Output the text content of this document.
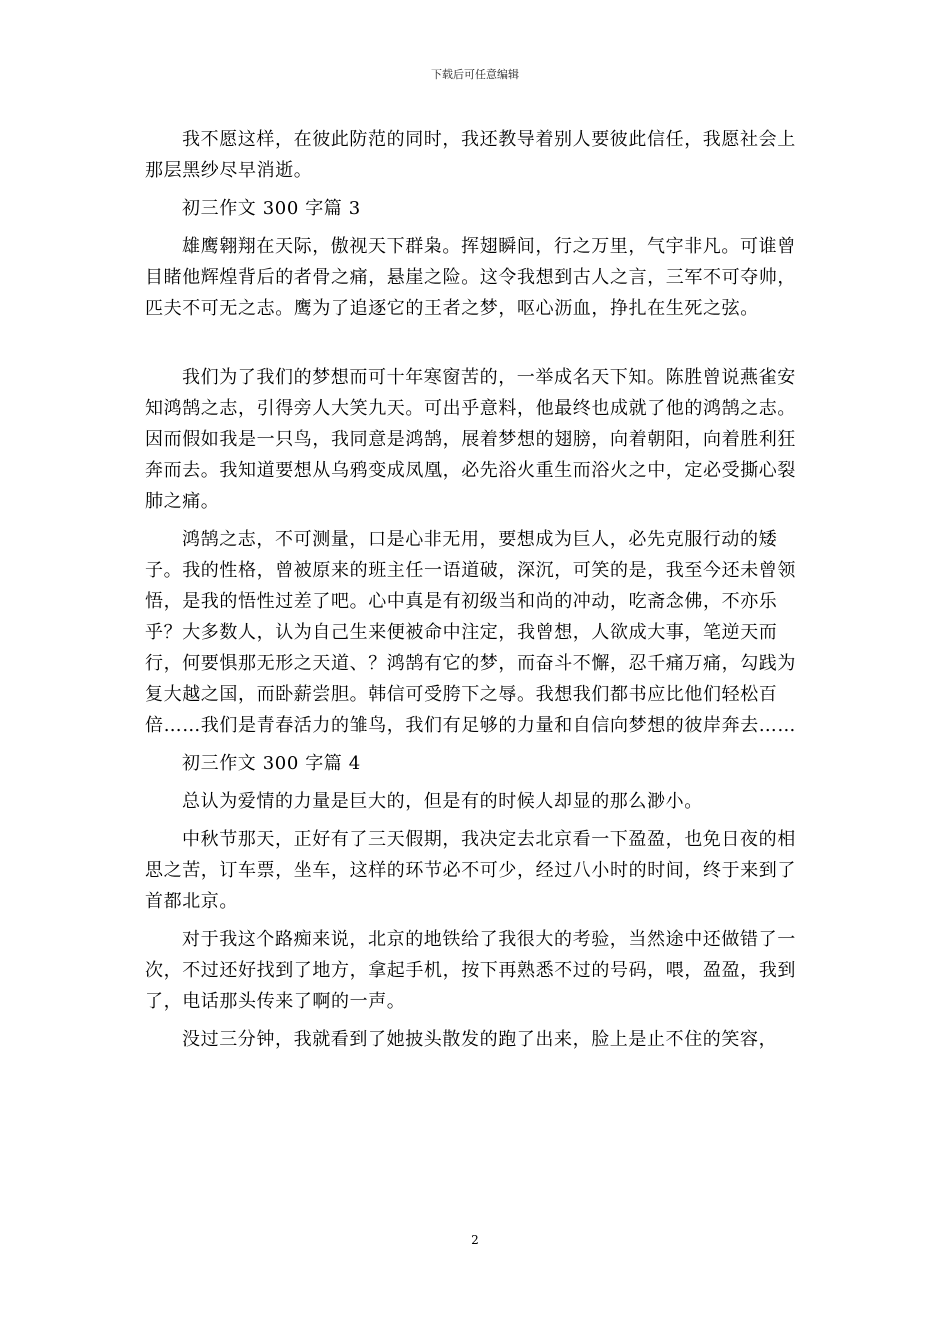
下载后可任意编辑

我不愿这样，在彼此防范的同时，我还教导着别人要彼此信任，我愿社会上那层黑纱尽早消逝。

初三作文 300 字篇 3

雄鹰翱翔在天际，傲视天下群枭。挥翅瞬间，行之万里，气宇非凡。可谁曾目睹他辉煌背后的者骨之痛，悬崖之险。这令我想到古人之言，三军不可夺帅，匹夫不可无之志。鹰为了追逐它的王者之梦，呕心沥血，挣扎在生死之弦。

我们为了我们的梦想而可十年寒窗苦的，一举成名天下知。陈胜曾说燕雀安知鸿鹄之志，引得旁人大笑九天。可出乎意料，他最终也成就了他的鸿鹄之志。因而假如我是一只鸟，我同意是鸿鹄，展着梦想的翅膀，向着朝阳，向着胜利狂奔而去。我知道要想从乌鸦变成凤凰，必先浴火重生而浴火之中，定必受撕心裂肺之痛。

鸿鹄之志，不可测量，口是心非无用，要想成为巨人，必先克服行动的矮子。我的性格，曾被原来的班主任一语道破，深沉，可笑的是，我至今还未曾领悟，是我的悟性过差了吧。心中真是有初级当和尚的冲动，吃斋念佛，不亦乐乎？大多数人，认为自己生来便被命中注定，我曾想，人欲成大事，笔逆天而行，何要惧那无形之天道、？鸿鹄有它的梦，而奋斗不懈，忍千痛万痛，勾践为复大越之国，而卧薪尝胆。韩信可受胯下之辱。我想我们都书应比他们轻松百倍……我们是青春活力的雏鸟，我们有足够的力量和自信向梦想的彼岸奔去……

初三作文 300 字篇 4

总认为爱情的力量是巨大的，但是有的时候人却显的那么渺小。

中秋节那天，正好有了三天假期，我决定去北京看一下盈盈，也免日夜的相思之苦，订车票，坐车，这样的环节必不可少，经过八小时的时间，终于来到了首都北京。

对于我这个路痴来说，北京的地铁给了我很大的考验，当然途中还做错了一次，不过还好找到了地方，拿起手机，按下再熟悉不过的号码，喂，盈盈，我到了，电话那头传来了啊的一声。

没过三分钟，我就看到了她披头散发的跑了出来，脸上是止不住的笑容，

2
